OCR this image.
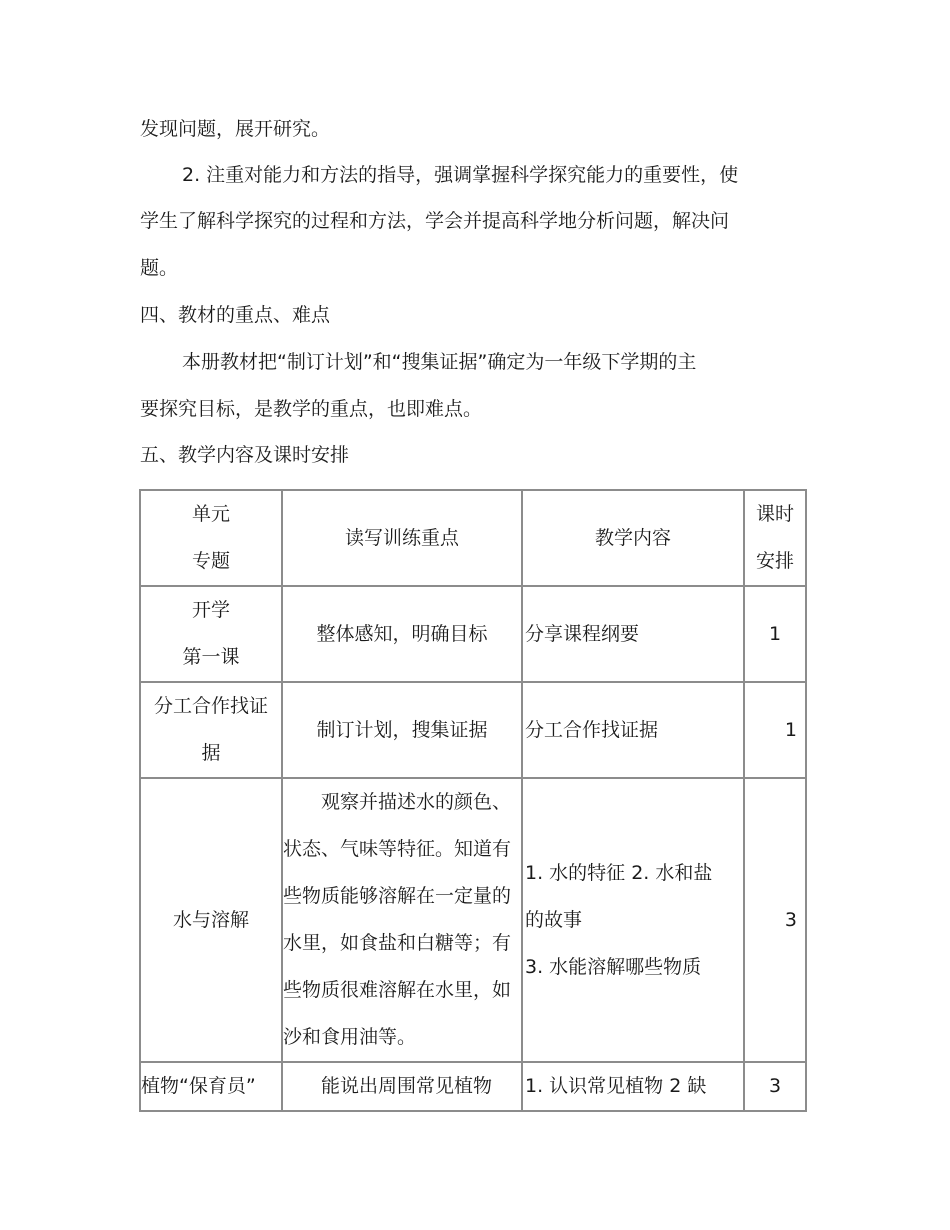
发现问题，展开研究。
2. 注重对能力和方法的指导，强调掌握科学探究能力的重要性，使
学生了解科学探究的过程和方法，学会并提高科学地分析问题，解决问
题。
四、教材的重点、难点
本册教材把“制订计划”和“搜集证据”确定为一年级下学期的主
要探究目标，是教学的重点，也即难点。
五、教学内容及课时安排
单元
专题	读写训练重点	教学内容	课时
安排

开学
第一课	整体感知，明确目标	分享课程纲要	1

分工合作找证
据	制订计划，搜集证据	分工合作找证据	1
水与溶解	观察并描述水的颜色、状态、气味等特征。知道有些物质能够溶解在一定量的水里，如食盐和白糖等；有些物质很难溶解在水里，如沙和食用油等。	1. 水的特征 2. 水和盐
的故事
3. 水能溶解哪些物质	3
植物“保育员”	能说出周围常见植物	1. 认识常见植物 2 缺	3
